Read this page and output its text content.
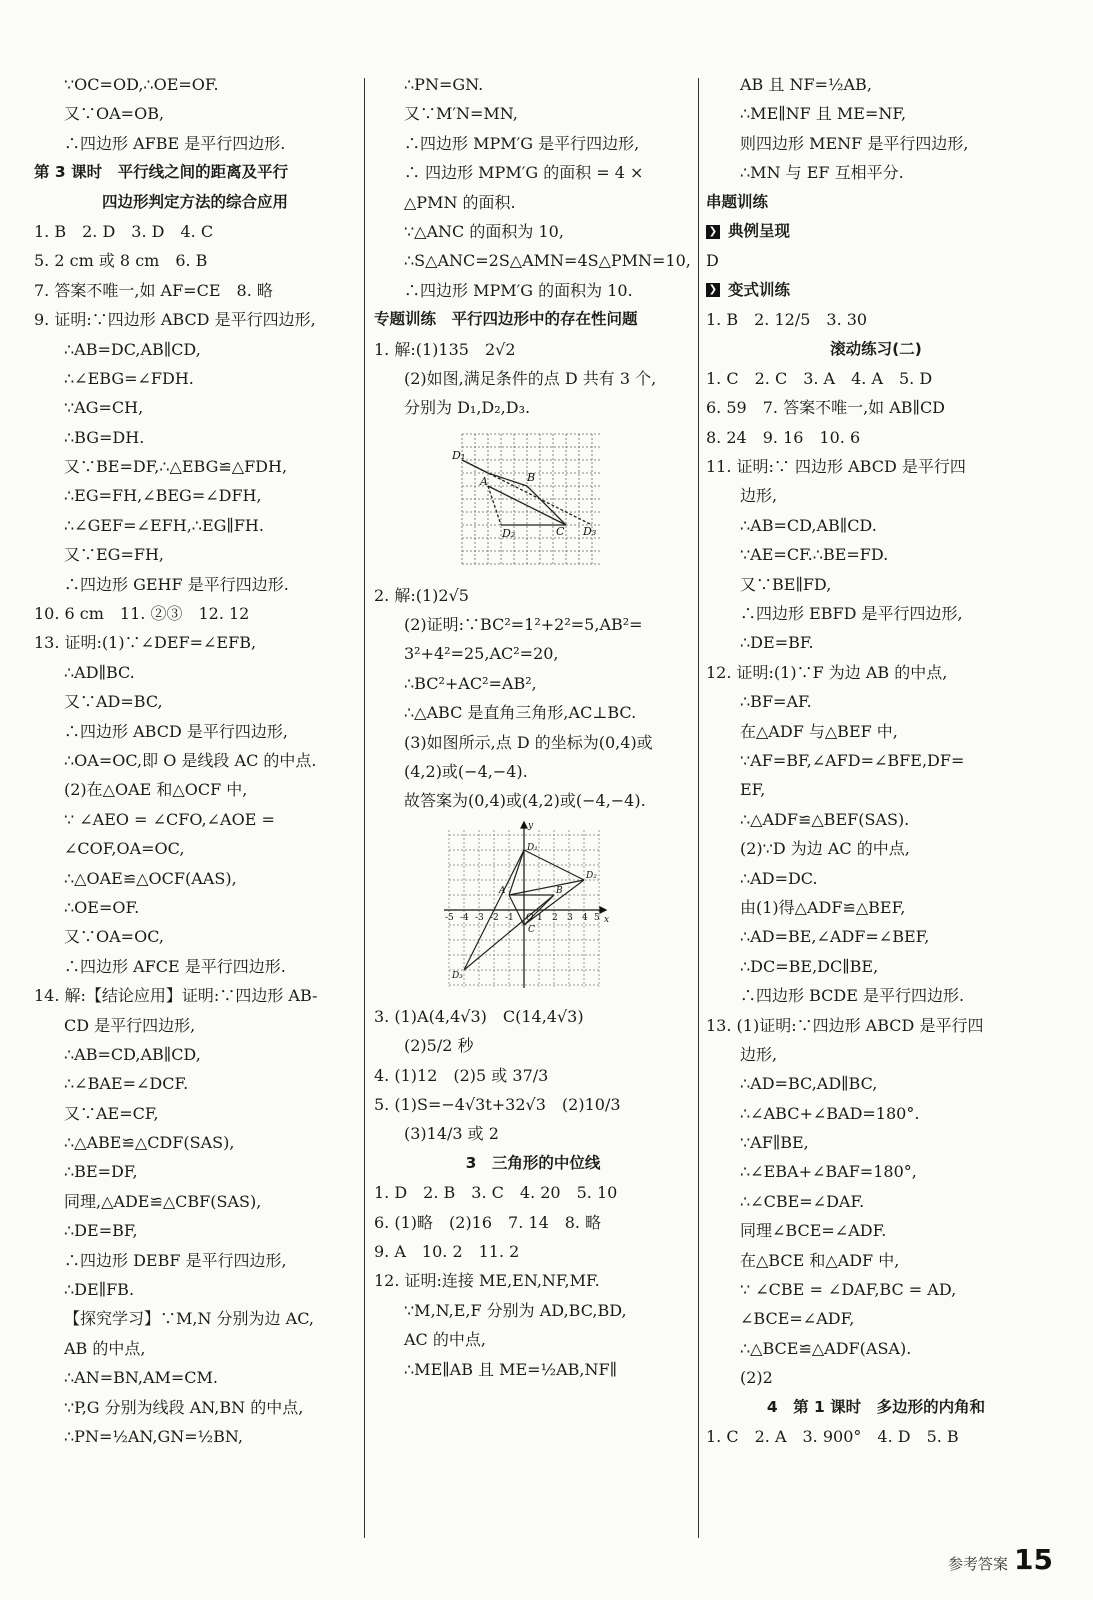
∵OC=OD,∴OE=OF.
又∵OA=OB,
∴四边形 AFBE 是平行四边形.
第 3 课时　平行线之间的距离及平行
四边形判定方法的综合应用
1. B　2. D　3. D　4. C
5. 2 cm 或 8 cm　6. B
7. 答案不唯一,如 AF=CE　8. 略
9. 证明:∵四边形 ABCD 是平行四边形,
∴AB=DC,AB∥CD,
∴∠EBG=∠FDH.
∵AG=CH,
∴BG=DH.
又∵BE=DF,∴△EBG≌△FDH,
∴EG=FH,∠BEG=∠DFH,
∴∠GEF=∠EFH,∴EG∥FH.
又∵EG=FH,
∴四边形 GEHF 是平行四边形.
10. 6 cm　11. ②③　12. 12
13. 证明:(1)∵∠DEF=∠EFB,
∴AD∥BC.
又∵AD=BC,
∴四边形 ABCD 是平行四边形,
∴OA=OC,即 O 是线段 AC 的中点.
(2)在△OAE 和△OCF 中,
∵ ∠AEO = ∠CFO,∠AOE =
∠COF,OA=OC,
∴△OAE≌△OCF(AAS),
∴OE=OF.
又∵OA=OC,
∴四边形 AFCE 是平行四边形.
14. 解:【结论应用】证明:∵四边形 AB-
CD 是平行四边形,
∴AB=CD,AB∥CD,
∴∠BAE=∠DCF.
又∵AE=CF,
∴△ABE≌△CDF(SAS),
∴BE=DF,
同理,△ADE≌△CBF(SAS),
∴DE=BF,
∴四边形 DEBF 是平行四边形,
∴DE∥FB.
【探究学习】∵M,N 分别为边 AC,
AB 的中点,
∴AN=BN,AM=CM.
∵P,G 分别为线段 AN,BN 的中点,
∴PN=½AN,GN=½BN,
∴PN=GN.
又∵M′N=MN,
∴四边形 MPM′G 是平行四边形,
∴ 四边形 MPM′G 的面积 = 4 ×
△PMN 的面积.
∵△ANC 的面积为 10,
∴S△ANC=2S△AMN=4S△PMN=10,
∴四边形 MPM′G 的面积为 10.
专题训练　平行四边形中的存在性问题
1. 解:(1)135　2√2
(2)如图,满足条件的点 D 共有 3 个,
分别为 D₁,D₂,D₃.
D₁
A	B
D₂	C D₃
2. 解:(1)2√5
(2)证明:∵BC²=1²+2²=5,AB²=
3²+4²=25,AC²=20,
∴BC²+AC²=AB²,
∴△ABC 是直角三角形,AC⊥BC.
(3)如图所示,点 D 的坐标为(0,4)或
(4,2)或(−4,−4).
故答案为(0,4)或(4,2)或(−4,−4).
y
x
D₁
D₂
D₃
A	B
C
O
-5 -4 -3 -2 -1	1 2 3 4 5
3. (1)A(4,4√3)　C(14,4√3)
(2)5/2 秒
4. (1)12　(2)5 或 37/3
5. (1)S=−4√3t+32√3　(2)10/3
(3)14/3 或 2
3　三角形的中位线
1. D　2. B　3. C　4. 20　5. 10
6. (1)略　(2)16　7. 14　8. 略
9. A　10. 2　11. 2
12. 证明:连接 ME,EN,NF,MF.
∵M,N,E,F 分别为 AD,BC,BD,
AC 的中点,
∴ME∥AB 且 ME=½AB,NF∥
AB 且 NF=½AB,
∴ME∥NF 且 ME=NF,
则四边形 MENF 是平行四边形,
∴MN 与 EF 互相平分.
串题训练
❯ 典例呈现
D
❯ 变式训练
1. B　2. 12/5　3. 30
滚动练习(二)
1. C　2. C　3. A　4. A　5. D
6. 59　7. 答案不唯一,如 AB∥CD
8. 24　9. 16　10. 6
11. 证明:∵ 四边形 ABCD 是平行四
边形,
∴AB=CD,AB∥CD.
∵AE=CF.∴BE=FD.
又∵BE∥FD,
∴四边形 EBFD 是平行四边形,
∴DE=BF.
12. 证明:(1)∵F 为边 AB 的中点,
∴BF=AF.
在△ADF 与△BEF 中,
∵AF=BF,∠AFD=∠BFE,DF=
EF,
∴△ADF≌△BEF(SAS).
(2)∵D 为边 AC 的中点,
∴AD=DC.
由(1)得△ADF≌△BEF,
∴AD=BE,∠ADF=∠BEF,
∴DC=BE,DC∥BE,
∴四边形 BCDE 是平行四边形.
13. (1)证明:∵四边形 ABCD 是平行四
边形,
∴AD=BC,AD∥BC,
∴∠ABC+∠BAD=180°.
∵AF∥BE,
∴∠EBA+∠BAF=180°,
∴∠CBE=∠DAF.
同理∠BCE=∠ADF.
在△BCE 和△ADF 中,
∵ ∠CBE = ∠DAF,BC = AD,
∠BCE=∠ADF,
∴△BCE≌△ADF(ASA).
(2)2
4　第 1 课时　多边形的内角和
1. C　2. A　3. 900°　4. D　5. B
参考答案 15
